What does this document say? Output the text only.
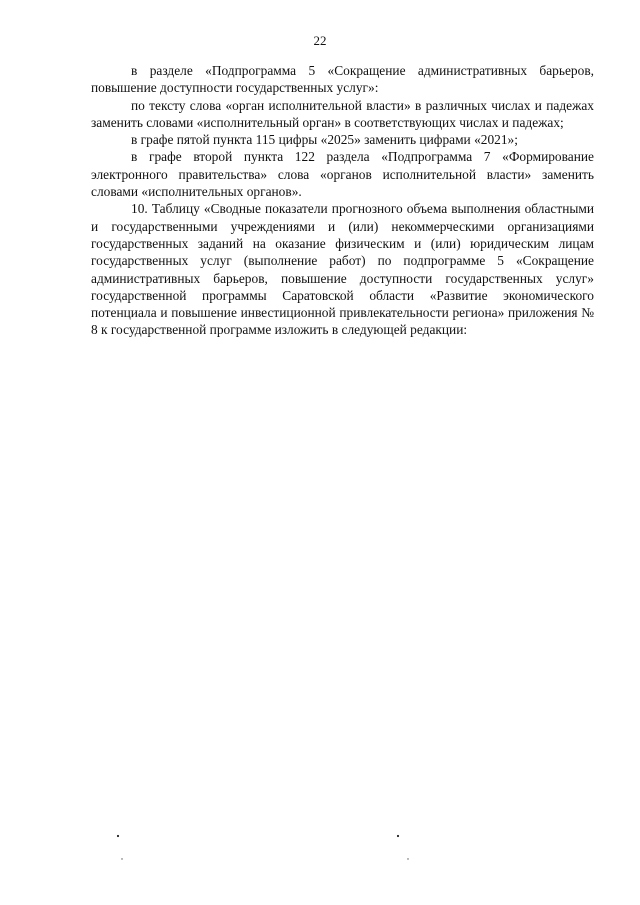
22

в разделе «Подпрограмма 5 «Сокращение административных барьеров, повышение доступности государственных услуг»:

по тексту слова «орган исполнительной власти» в различных числах и падежах заменить словами «исполнительный орган» в соответствующих числах и падежах;

в графе пятой пункта 115 цифры «2025» заменить цифрами «2021»;

в графе второй пункта 122 раздела «Подпрограмма 7 «Формирование электронного правительства» слова «органов исполнительной власти» заменить словами «исполнительных органов».

10. Таблицу «Сводные показатели прогнозного объема выполнения областными и государственными учреждениями и (или) некоммерческими организациями государственных заданий на оказание физическим и (или) юридическим лицам государственных услуг (выполнение работ) по подпрограмме 5 «Сокращение административных барьеров, повышение доступности государственных услуг» государственной программы Саратовской области «Развитие экономического потенциала и повышение инвестиционной привлекательности региона» приложения № 8 к государственной программе изложить в следующей редакции:
